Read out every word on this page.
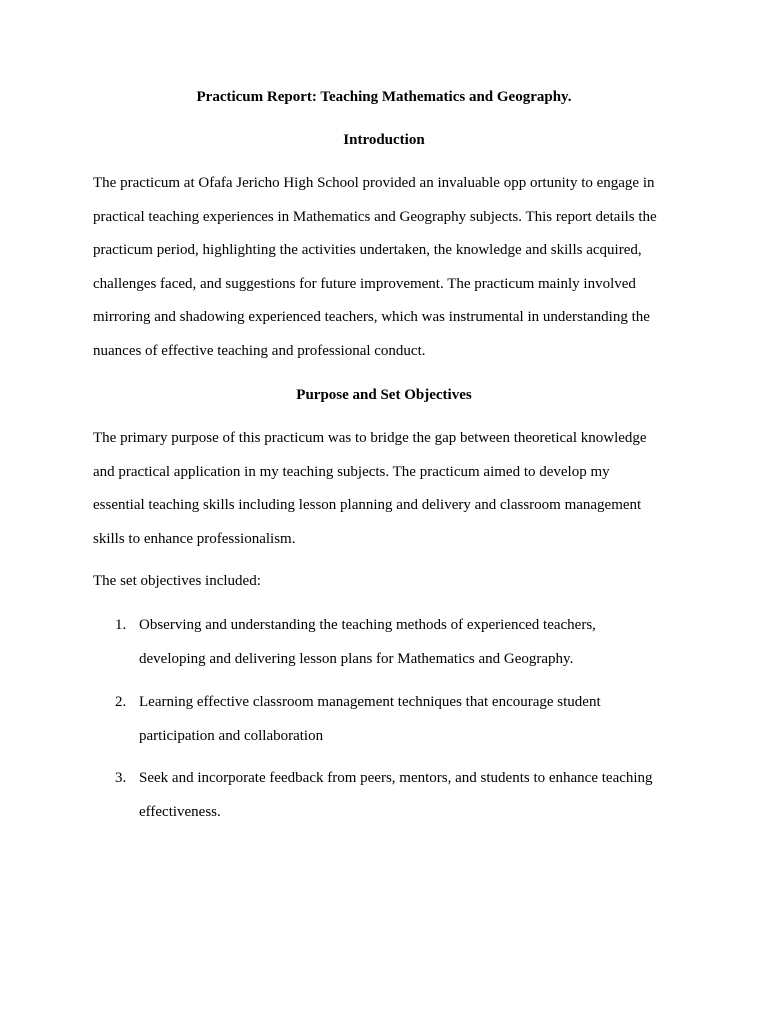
Practicum Report: Teaching Mathematics and Geography.
Introduction
The practicum at Ofafa Jericho High School provided an invaluable opp ortunity to engage in
practical teaching experiences in Mathematics and Geography subjects. This report details the
practicum period, highlighting the activities undertaken, the knowledge and skills acquired,
challenges faced, and suggestions for future improvement. The practicum mainly involved
mirroring and shadowing experienced teachers, which was instrumental in understanding the
nuances of effective teaching and professional conduct.
Purpose and Set Objectives
The primary purpose of this practicum was to bridge the gap between theoretical knowledge
and practical application in my teaching subjects. The practicum aimed to develop my
essential teaching skills including lesson planning and delivery and classroom management
skills to enhance professionalism.
The set objectives included:
1. Observing and understanding the teaching methods of experienced teachers,
developing and delivering lesson plans for Mathematics and Geography.
2. Learning effective classroom management techniques that encourage student
participation and collaboration
3. Seek and incorporate feedback from peers, mentors, and students to enhance teaching
effectiveness.
